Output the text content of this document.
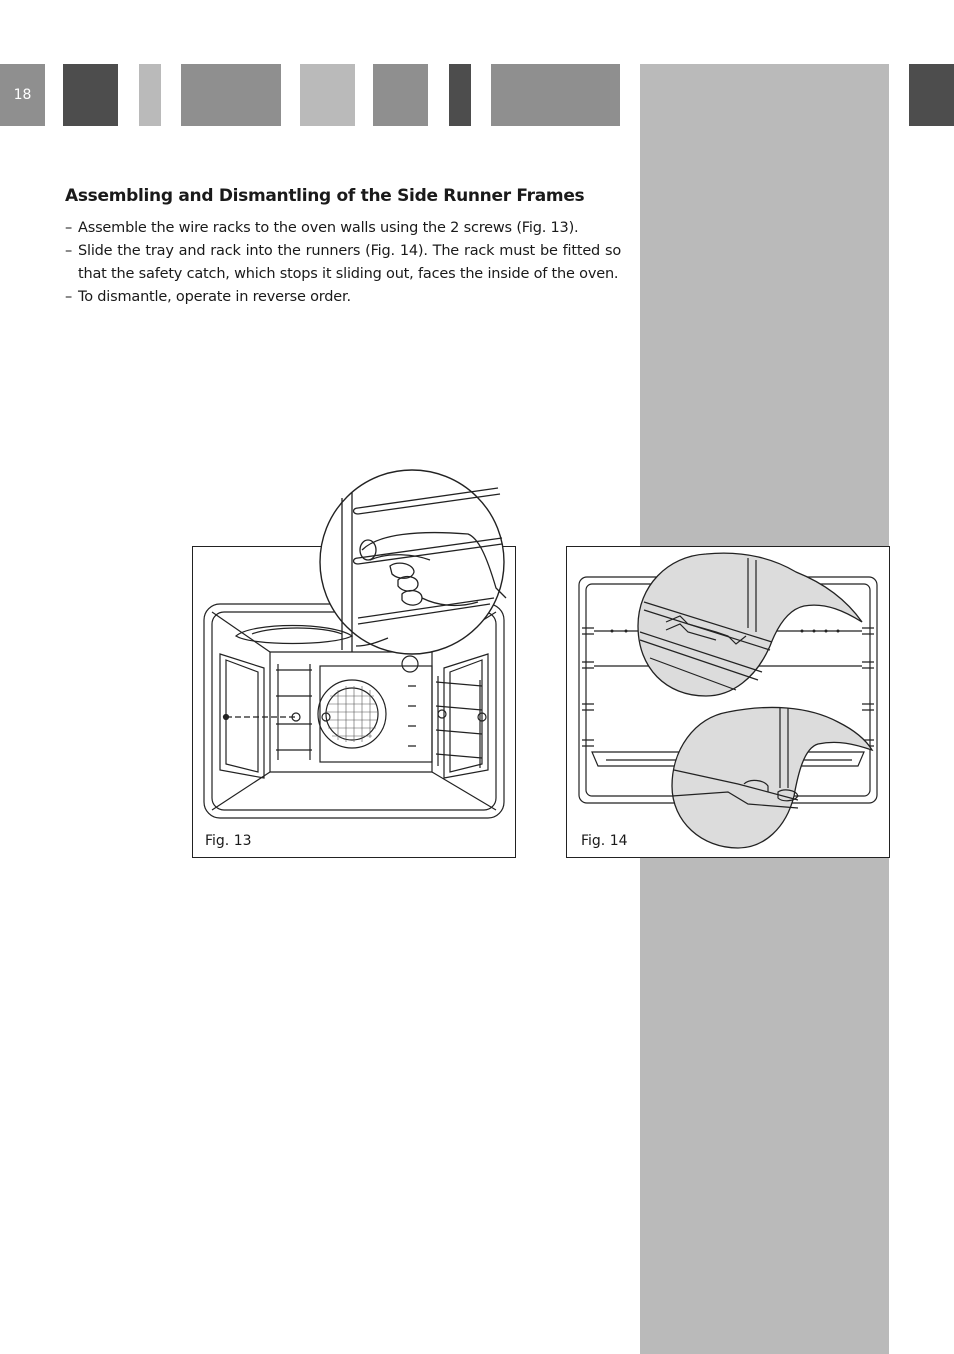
18
Assembling and Dismantling of the Side Runner Frames
– Assemble the wire racks to the oven walls using the 2 screws (Fig. 13).
– Slide the tray and rack into the runners (Fig. 14). The rack must be fitted so that the safety catch, which stops it sliding out, faces the inside of the oven.
– To dismantle, operate in reverse order.
Fig. 13	Fig. 14
